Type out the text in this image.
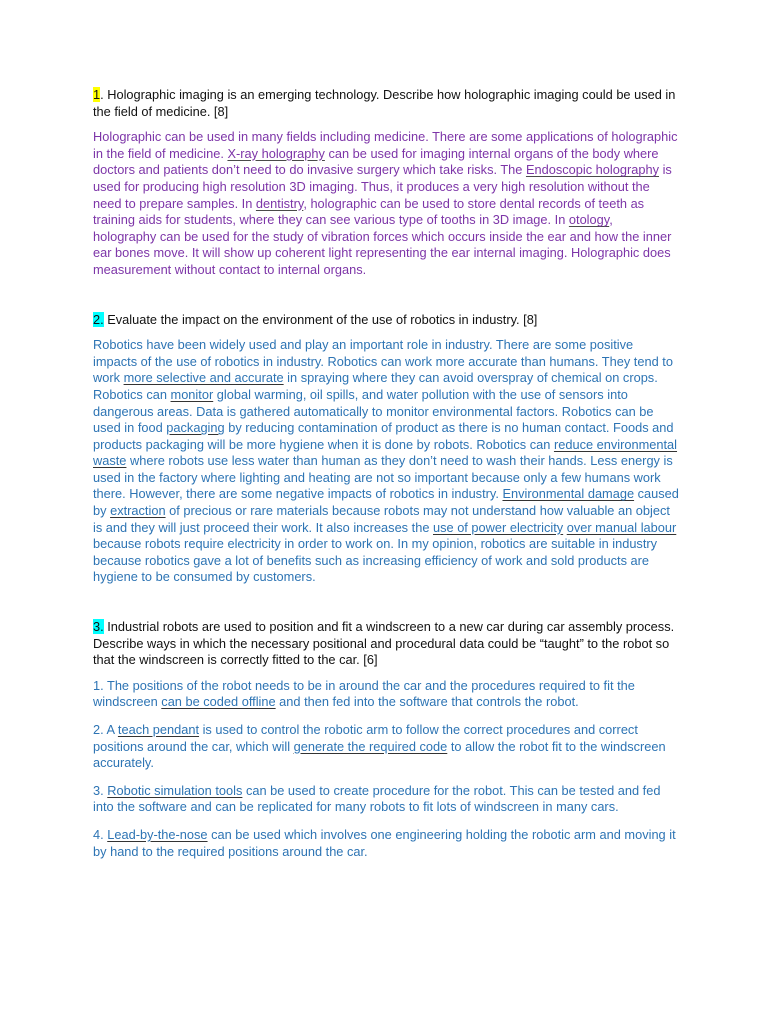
1. Holographic imaging is an emerging technology. Describe how holographic imaging could be used in the field of medicine. [8]

Holographic can be used in many fields including medicine. There are some applications of holographic in the field of medicine. X-ray holography can be used for imaging internal organs of the body where doctors and patients don’t need to do invasive surgery which take risks. The Endoscopic holography is used for producing high resolution 3D imaging. Thus, it produces a very high resolution without the need to prepare samples. In dentistry, holographic can be used to store dental records of teeth as training aids for students, where they can see various type of tooths in 3D image. In otology, holography can be used for the study of vibration forces which occurs inside the ear and how the inner ear bones move. It will show up coherent light representing the ear internal imaging. Holographic does measurement without contact to internal organs.

2. Evaluate the impact on the environment of the use of robotics in industry. [8]

Robotics have been widely used and play an important role in industry. There are some positive impacts of the use of robotics in industry. Robotics can work more accurate than humans. They tend to work more selective and accurate in spraying where they can avoid overspray of chemical on crops. Robotics can monitor global warming, oil spills, and water pollution with the use of sensors into dangerous areas. Data is gathered automatically to monitor environmental factors. Robotics can be used in food packaging by reducing contamination of product as there is no human contact. Foods and products packaging will be more hygiene when it is done by robots. Robotics can reduce environmental waste where robots use less water than human as they don’t need to wash their hands. Less energy is used in the factory where lighting and heating are not so important because only a few humans work there. However, there are some negative impacts of robotics in industry. Environmental damage caused by extraction of precious or rare materials because robots may not understand how valuable an object is and they will just proceed their work. It also increases the use of power electricity over manual labour because robots require electricity in order to work on. In my opinion, robotics are suitable in industry because robotics gave a lot of benefits such as increasing efficiency of work and sold products are hygiene to be consumed by customers.

3. Industrial robots are used to position and fit a windscreen to a new car during car assembly process. Describe ways in which the necessary positional and procedural data could be “taught” to the robot so that the windscreen is correctly fitted to the car. [6]

1. The positions of the robot needs to be in around the car and the procedures required to fit the windscreen can be coded offline and then fed into the software that controls the robot.

2. A teach pendant is used to control the robotic arm to follow the correct procedures and correct positions around the car, which will generate the required code to allow the robot fit to the windscreen accurately.

3. Robotic simulation tools can be used to create procedure for the robot. This can be tested and fed into the software and can be replicated for many robots to fit lots of windscreen in many cars.

4. Lead-by-the-nose can be used which involves one engineering holding the robotic arm and moving it by hand to the required positions around the car.
